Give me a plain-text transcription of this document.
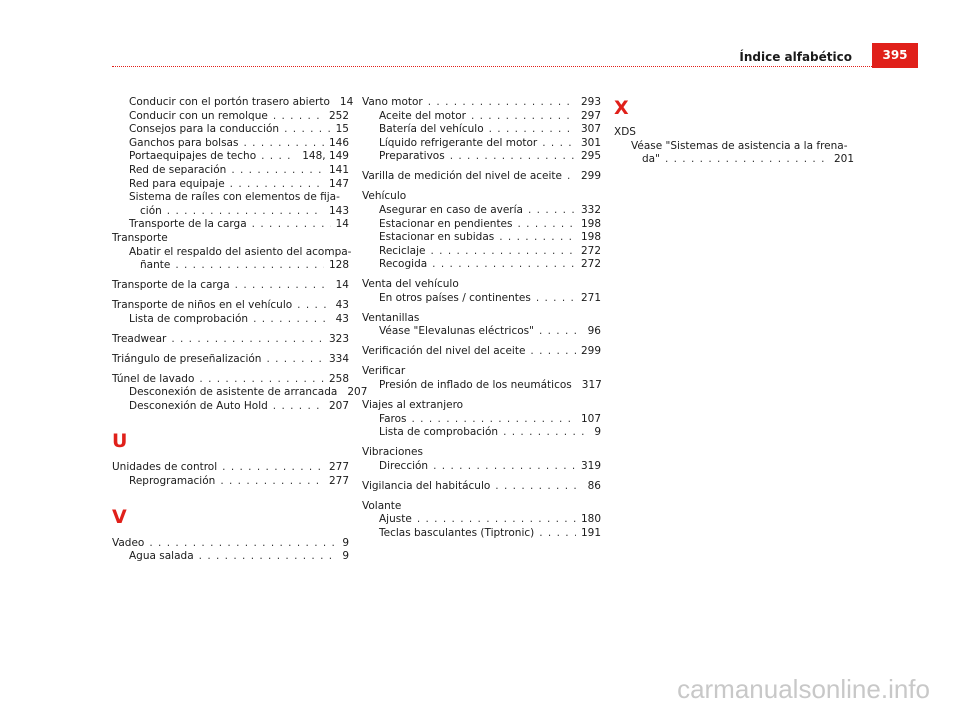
Índice alfabético	395
Conducir con el portón trasero abierto 14
Conducir con un remolque . . .	252
Consejos para la conducción . . .	15
Ganchos para bolsas . . .	146
Portaequipajes de techo . . .	148, 149
Red de separación . . .	141
Red para equipaje . . .	147
Sistema de raíles con elementos de fija-
ción . . .	143
Transporte de la carga . . .	14
Transporte
Abatir el respaldo del asiento del acompa-
ñante . . .	128
Transporte de la carga . . .	14
Transporte de niños en el vehículo . . .	43
Lista de comprobación . . .	43
Treadwear . . .	323
Triángulo de preseñalización . . .	334
Túnel de lavado . . .	258
Desconexión de asistente de arrancada 207
Desconexión de Auto Hold . . .	207
U
Unidades de control . . .	277
Reprogramación . . .	277
V
Vadeo . . .	9
Agua salada . . .	9
Vano motor . . .	293
Aceite del motor . . .	297
Batería del vehículo . . .	307
Líquido refrigerante del motor . . .	301
Preparativos . . .	295
Varilla de medición del nivel de aceite . . . 299
Vehículo
Asegurar en caso de avería . . .	332
Estacionar en pendientes . . .	198
Estacionar en subidas . . .	198
Reciclaje . . .	272
Recogida . . .	272
Venta del vehículo
En otros países / continentes . . .	271
Ventanillas
Véase "Elevalunas eléctricos" . . .	96
Verificación del nivel del aceite . . .	299
Verificar
Presión de inflado de los neumáticos 317
Viajes al extranjero
Faros . . .	107
Lista de comprobación . . .	9
Vibraciones
Dirección . . .	319
Vigilancia del habitáculo . . .	86
Volante
Ajuste . . .	180
Teclas basculantes (Tiptronic) . . .	191
X
XDS
Véase "Sistemas de asistencia a la frena-
da" . . .	201
carmanualsonline.info
